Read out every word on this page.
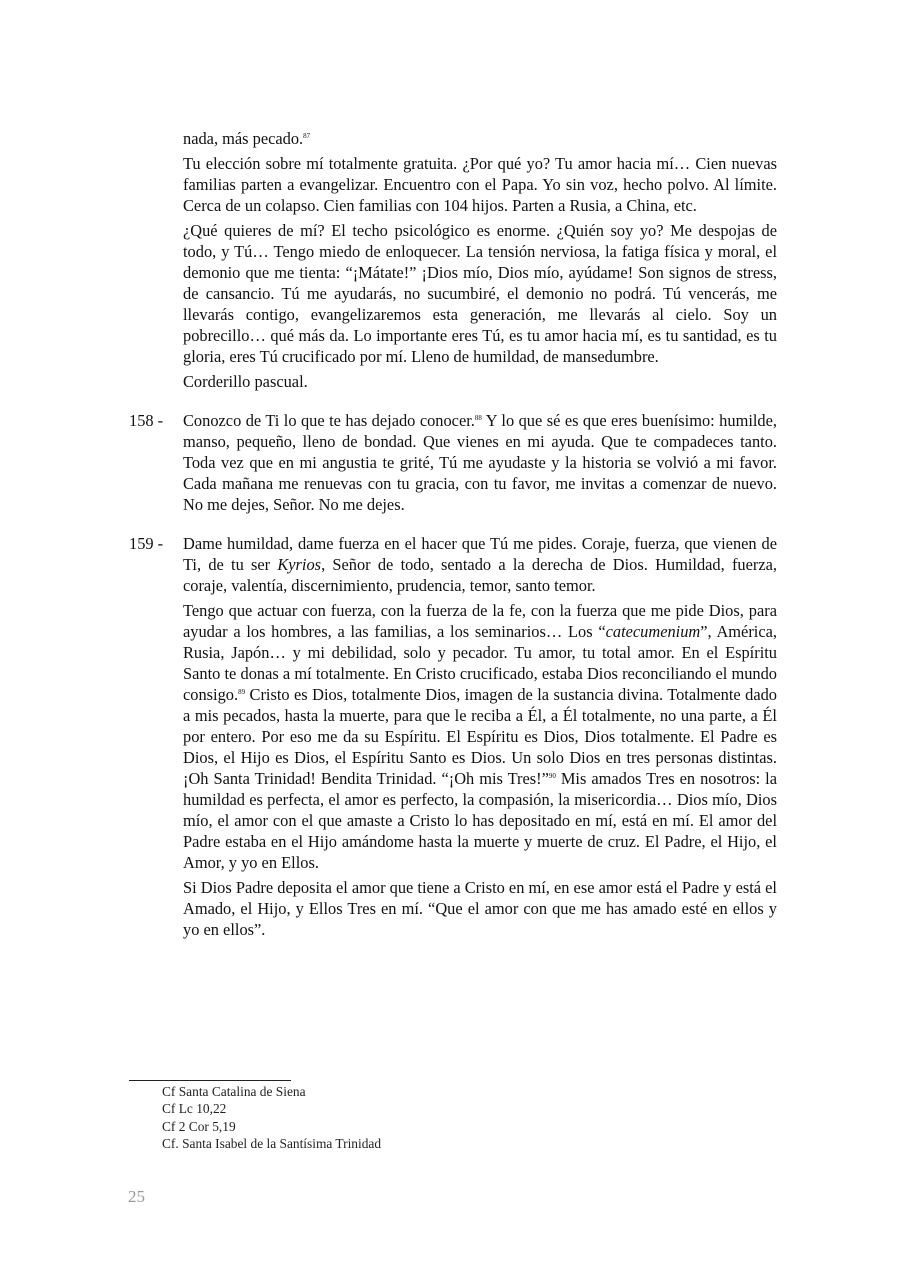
nada, más pecado.$^{87}$

Tu elección sobre mí totalmente gratuita. ¿Por qué yo? Tu amor hacia mí… Cien nuevas familias parten a evangelizar. Encuentro con el Papa. Yo sin voz, hecho polvo. Al límite. Cerca de un colapso. Cien familias con 104 hijos. Parten a Rusia, a China, etc.

¿Qué quieres de mí? El techo psicológico es enorme. ¿Quién soy yo? Me despojas de todo, y Tú… Tengo miedo de enloquecer. La tensión nerviosa, la fatiga física y moral, el demonio que me tienta: “¡Mátate!” ¡Dios mío, Dios mío, ayúdame! Son signos de stress, de cansancio. Tú me ayudarás, no sucumbiré, el demonio no podrá. Tú vencerás, me llevarás contigo, evangelizaremos esta generación, me llevarás al cielo. Soy un pobrecillo… qué más da. Lo importante eres Tú, es tu amor hacia mí, es tu santidad, es tu gloria, eres Tú crucificado por mí. Lleno de humildad, de mansedumbre.

Corderillo pascual.

158 -	Conozco de Ti lo que te has dejado conocer.$^{88}$ Y lo que sé es que eres buenísimo: humilde, manso, pequeño, lleno de bondad. Que vienes en mi ayuda. Que te compadeces tanto. Toda vez que en mi angustia te grité, Tú me ayudaste y la historia se volvió a mi favor. Cada mañana me renuevas con tu gracia, con tu favor, me invitas a comenzar de nuevo. No me dejes, Señor. No me dejes.

159 -	Dame humildad, dame fuerza en el hacer que Tú me pides. Coraje, fuerza, que vienen de Ti, de tu ser Kyrios, Señor de todo, sentado a la derecha de Dios. Humildad, fuerza, coraje, valentía, discernimiento, prudencia, temor, santo temor.

Tengo que actuar con fuerza, con la fuerza de la fe, con la fuerza que me pide Dios, para ayudar a los hombres, a las familias, a los seminarios… Los “catecumenium”, América, Rusia, Japón… y mi debilidad, solo y pecador. Tu amor, tu total amor. En el Espíritu Santo te donas a mí totalmente. En Cristo crucificado, estaba Dios reconciliando el mundo consigo.$^{89}$ Cristo es Dios, totalmente Dios, imagen de la sustancia divina. Totalmente dado a mis pecados, hasta la muerte, para que le reciba a Él, a Él totalmente, no una parte, a Él por entero. Por eso me da su Espíritu. El Espíritu es Dios, Dios totalmente. El Padre es Dios, el Hijo es Dios, el Espíritu Santo es Dios. Un solo Dios en tres personas distintas. ¡Oh Santa Trinidad! Bendita Trinidad. “¡Oh mis Tres!”$^{90}$ Mis amados Tres en nosotros: la humildad es perfecta, el amor es perfecto, la compasión, la misericordia… Dios mío, Dios mío, el amor con el que amaste a Cristo lo has depositado en mí, está en mí. El amor del Padre estaba en el Hijo amándome hasta la muerte y muerte de cruz. El Padre, el Hijo, el Amor, y yo en Ellos.

Si Dios Padre deposita el amor que tiene a Cristo en mí, en ese amor está el Padre y está el Amado, el Hijo, y Ellos Tres en mí. “Que el amor con que me has amado esté en ellos y yo en ellos”.

Cf Santa Catalina de Siena
Cf Lc 10,22
Cf 2 Cor 5,19
Cf. Santa Isabel de la Santísima Trinidad
25
